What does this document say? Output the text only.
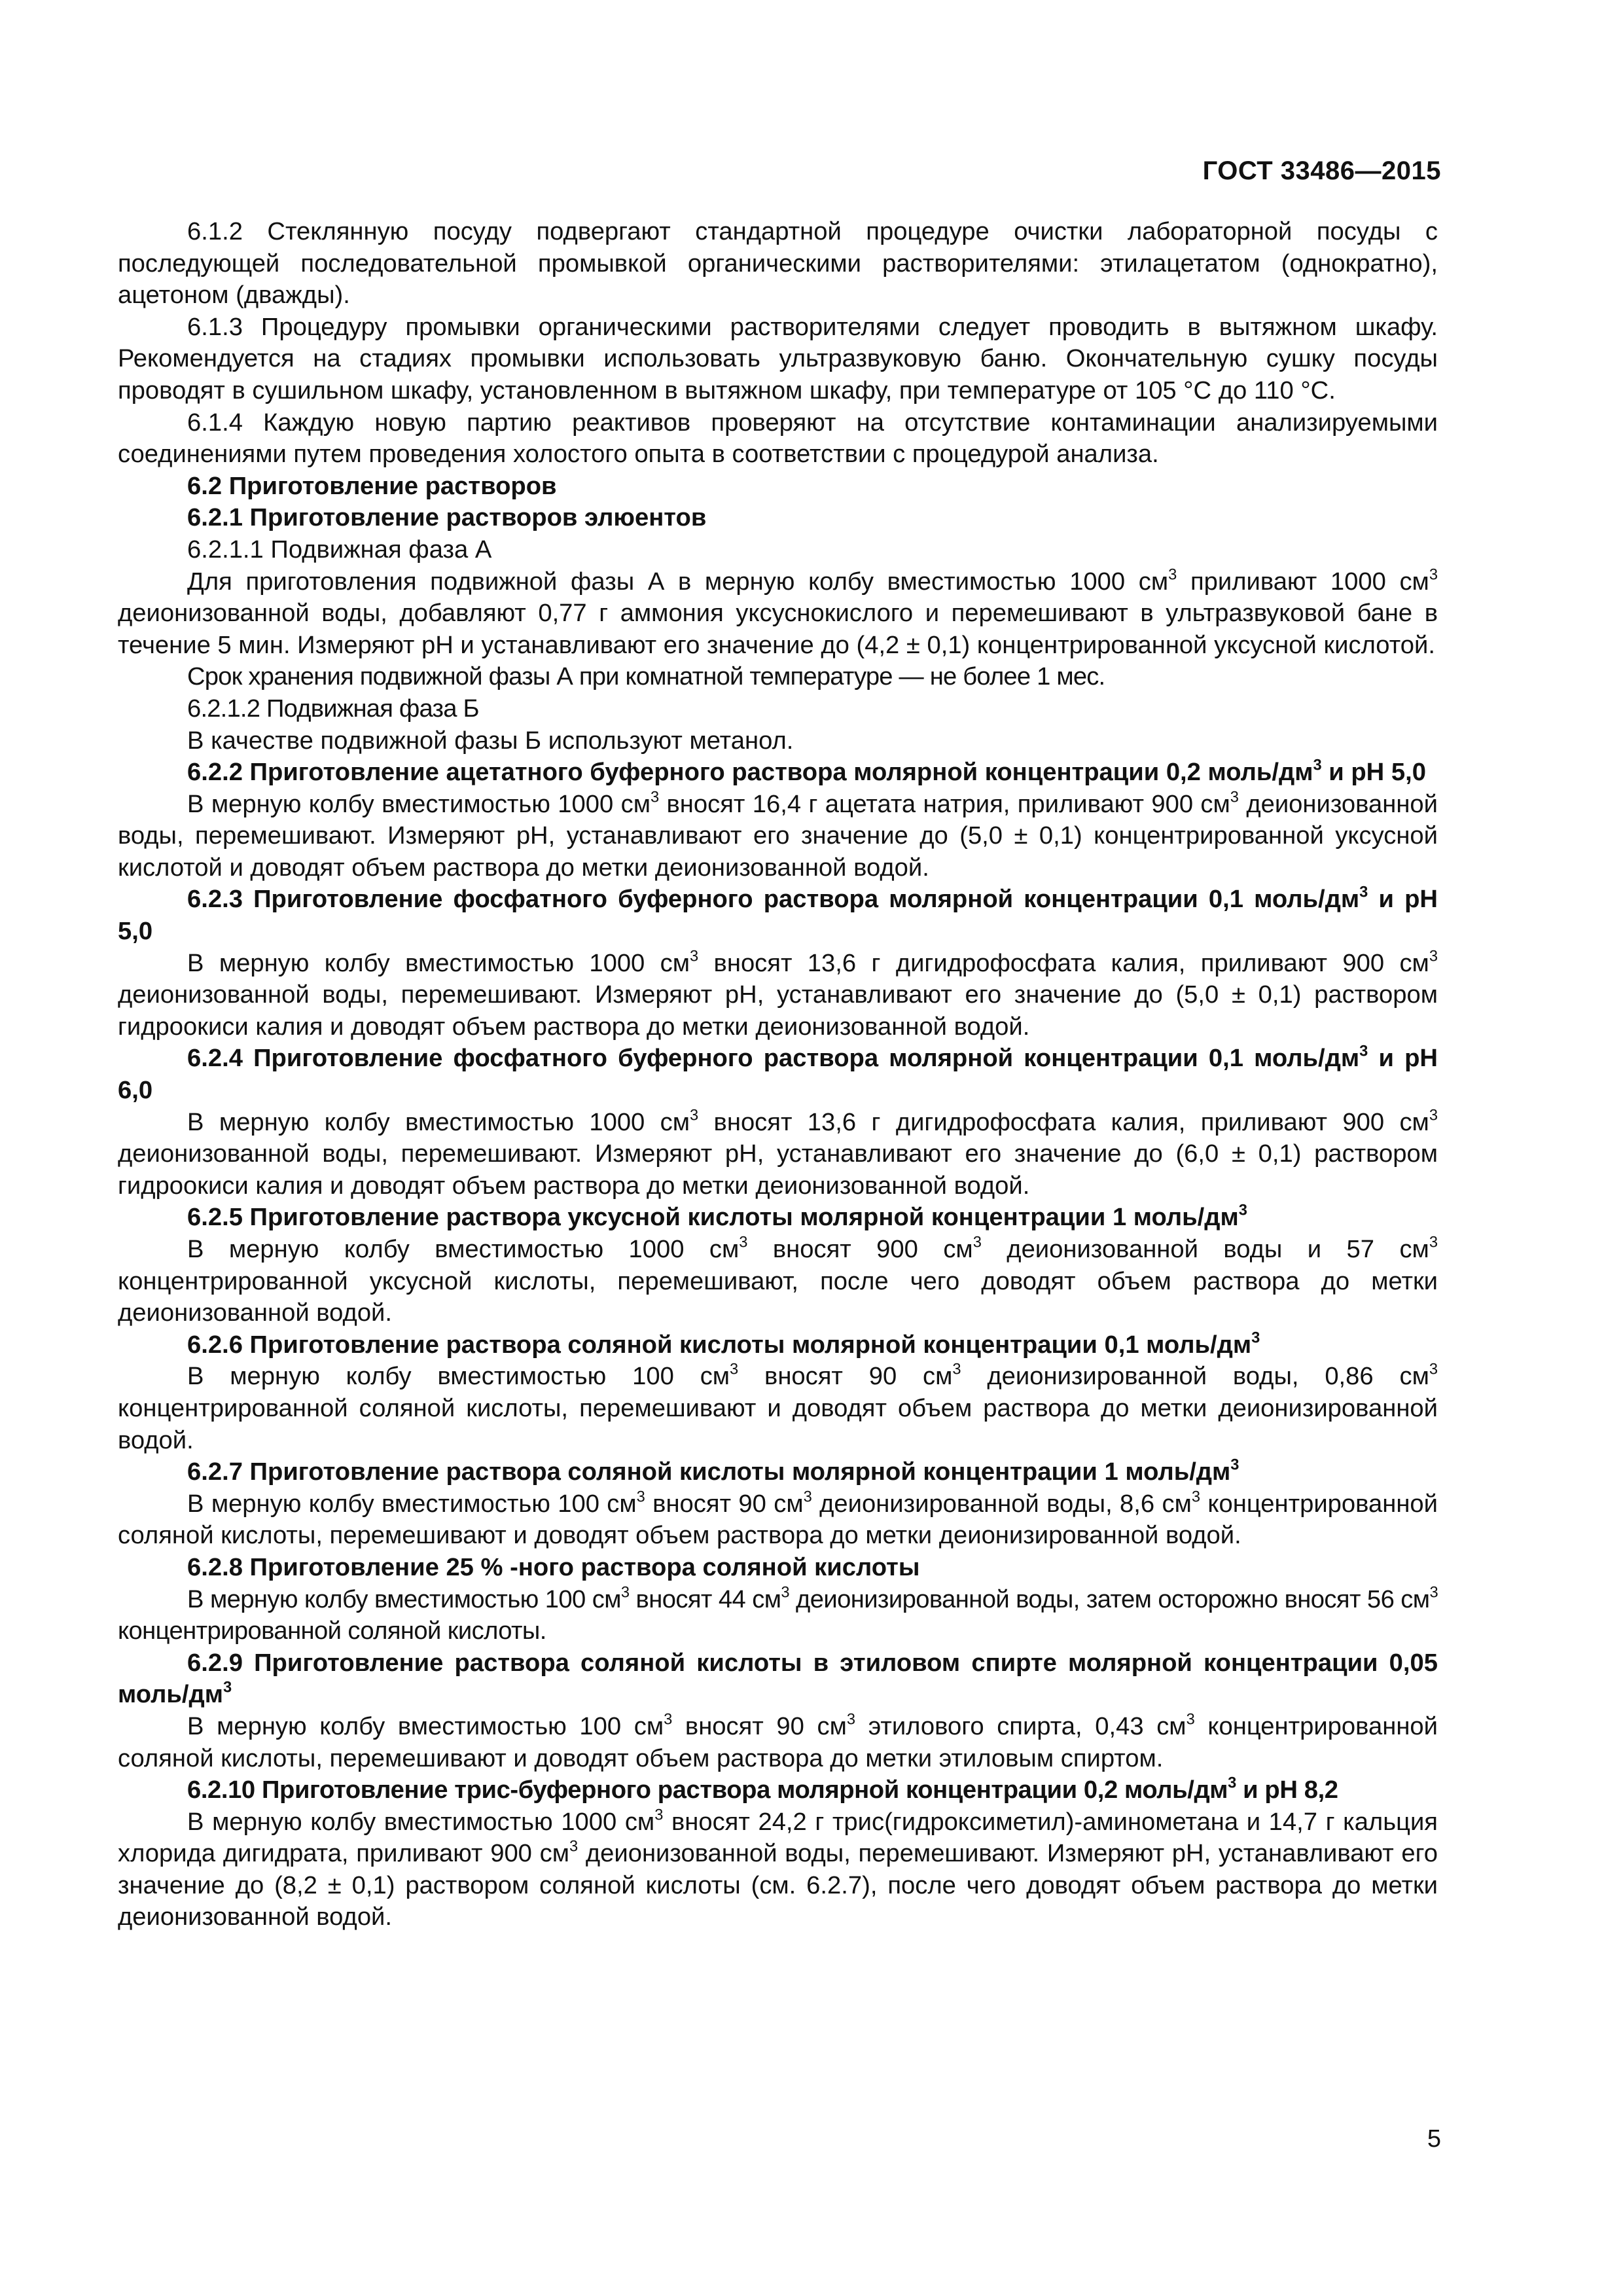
ГОСТ 33486—2015

6.1.2 Стеклянную посуду подвергают стандартной процедуре очистки лабораторной посуды с последующей последовательной промывкой органическими растворителями: этилацетатом (однократно), ацетоном (дважды).

6.1.3 Процедуру промывки органическими растворителями следует проводить в вытяжном шкафу. Рекомендуется на стадиях промывки использовать ультразвуковую баню. Окончательную сушку посуды проводят в сушильном шкафу, установленном в вытяжном шкафу, при температуре от 105 °С до 110 °С.

6.1.4 Каждую новую партию реактивов проверяют на отсутствие контаминации анализируемыми соединениями путем проведения холостого опыта в соответствии с процедурой анализа.

6.2 Приготовление растворов

6.2.1 Приготовление растворов элюентов

6.2.1.1 Подвижная фаза А

Для приготовления подвижной фазы А в мерную колбу вместимостью 1000 $см^3$ приливают 1000 $см^3$ деионизованной воды, добавляют 0,77 г аммония уксуснокислого и перемешивают в ультразвуковой бане в течение 5 мин. Измеряют рН и устанавливают его значение до (4,2 ± 0,1) концентрированной уксусной кислотой.

Срок хранения подвижной фазы А при комнатной температуре — не более 1 мес.

6.2.1.2 Подвижная фаза Б

В качестве подвижной фазы Б используют метанол.

6.2.2 Приготовление ацетатного буферного раствора молярной концентрации 0,2 моль/$дм^3$ и рН 5,0

В мерную колбу вместимостью 1000 $см^3$ вносят 16,4 г ацетата натрия, приливают 900 $см^3$ деионизованной воды, перемешивают. Измеряют рН, устанавливают его значение до (5,0 ± 0,1) концентрированной уксусной кислотой и доводят объем раствора до метки деионизованной водой.

6.2.3 Приготовление фосфатного буферного раствора молярной концентрации 0,1 моль/$дм^3$ и рН 5,0

В мерную колбу вместимостью 1000 $см^3$ вносят 13,6 г дигидрофосфата калия, приливают 900 $см^3$ деионизованной воды, перемешивают. Измеряют рН, устанавливают его значение до (5,0 ± 0,1) раствором гидроокиси калия и доводят объем раствора до метки деионизованной водой.

6.2.4 Приготовление фосфатного буферного раствора молярной концентрации 0,1 моль/$дм^3$ и рН 6,0

В мерную колбу вместимостью 1000 $см^3$ вносят 13,6 г дигидрофосфата калия, приливают 900 $см^3$ деионизованной воды, перемешивают. Измеряют рН, устанавливают его значение до (6,0 ± 0,1) раствором гидроокиси калия и доводят объем раствора до метки деионизованной водой.

6.2.5 Приготовление раствора уксусной кислоты молярной концентрации 1 моль/$дм^3$

В мерную колбу вместимостью 1000 $см^3$ вносят 900 $см^3$ деионизованной воды и 57 $см^3$ концентрированной уксусной кислоты, перемешивают, после чего доводят объем раствора до метки деионизованной водой.

6.2.6 Приготовление раствора соляной кислоты молярной концентрации 0,1 моль/$дм^3$

В мерную колбу вместимостью 100 $см^3$ вносят 90 $см^3$ деионизированной воды, 0,86 $см^3$ концентрированной соляной кислоты, перемешивают и доводят объем раствора до метки деионизированной водой.

6.2.7 Приготовление раствора соляной кислоты молярной концентрации 1 моль/$дм^3$

В мерную колбу вместимостью 100 $см^3$ вносят 90 $см^3$ деионизированной воды, 8,6 $см^3$ концентрированной соляной кислоты, перемешивают и доводят объем раствора до метки деионизированной водой.

6.2.8 Приготовление 25 % -ного раствора соляной кислоты

В мерную колбу вместимостью 100 $см^3$ вносят 44 $см^3$ деионизированной воды, затем осторожно вносят 56 $см^3$ концентрированной соляной кислоты.

6.2.9 Приготовление раствора соляной кислоты в этиловом спирте молярной концентрации 0,05 моль/$дм^3$

В мерную колбу вместимостью 100 $см^3$ вносят 90 $см^3$ этилового спирта, 0,43 $см^3$ концентрированной соляной кислоты, перемешивают и доводят объем раствора до метки этиловым спиртом.

6.2.10 Приготовление трис-буферного раствора молярной концентрации 0,2 моль/$дм^3$ и рН 8,2

В мерную колбу вместимостью 1000 $см^3$ вносят 24,2 г трис(гидроксиметил)-аминометана и 14,7 г кальция хлорида дигидрата, приливают 900 $см^3$ деионизованной воды, перемешивают. Измеряют рН, устанавливают его значение до (8,2 ± 0,1) раствором соляной кислоты (см. 6.2.7), после чего доводят объем раствора до метки деионизованной водой.

5
